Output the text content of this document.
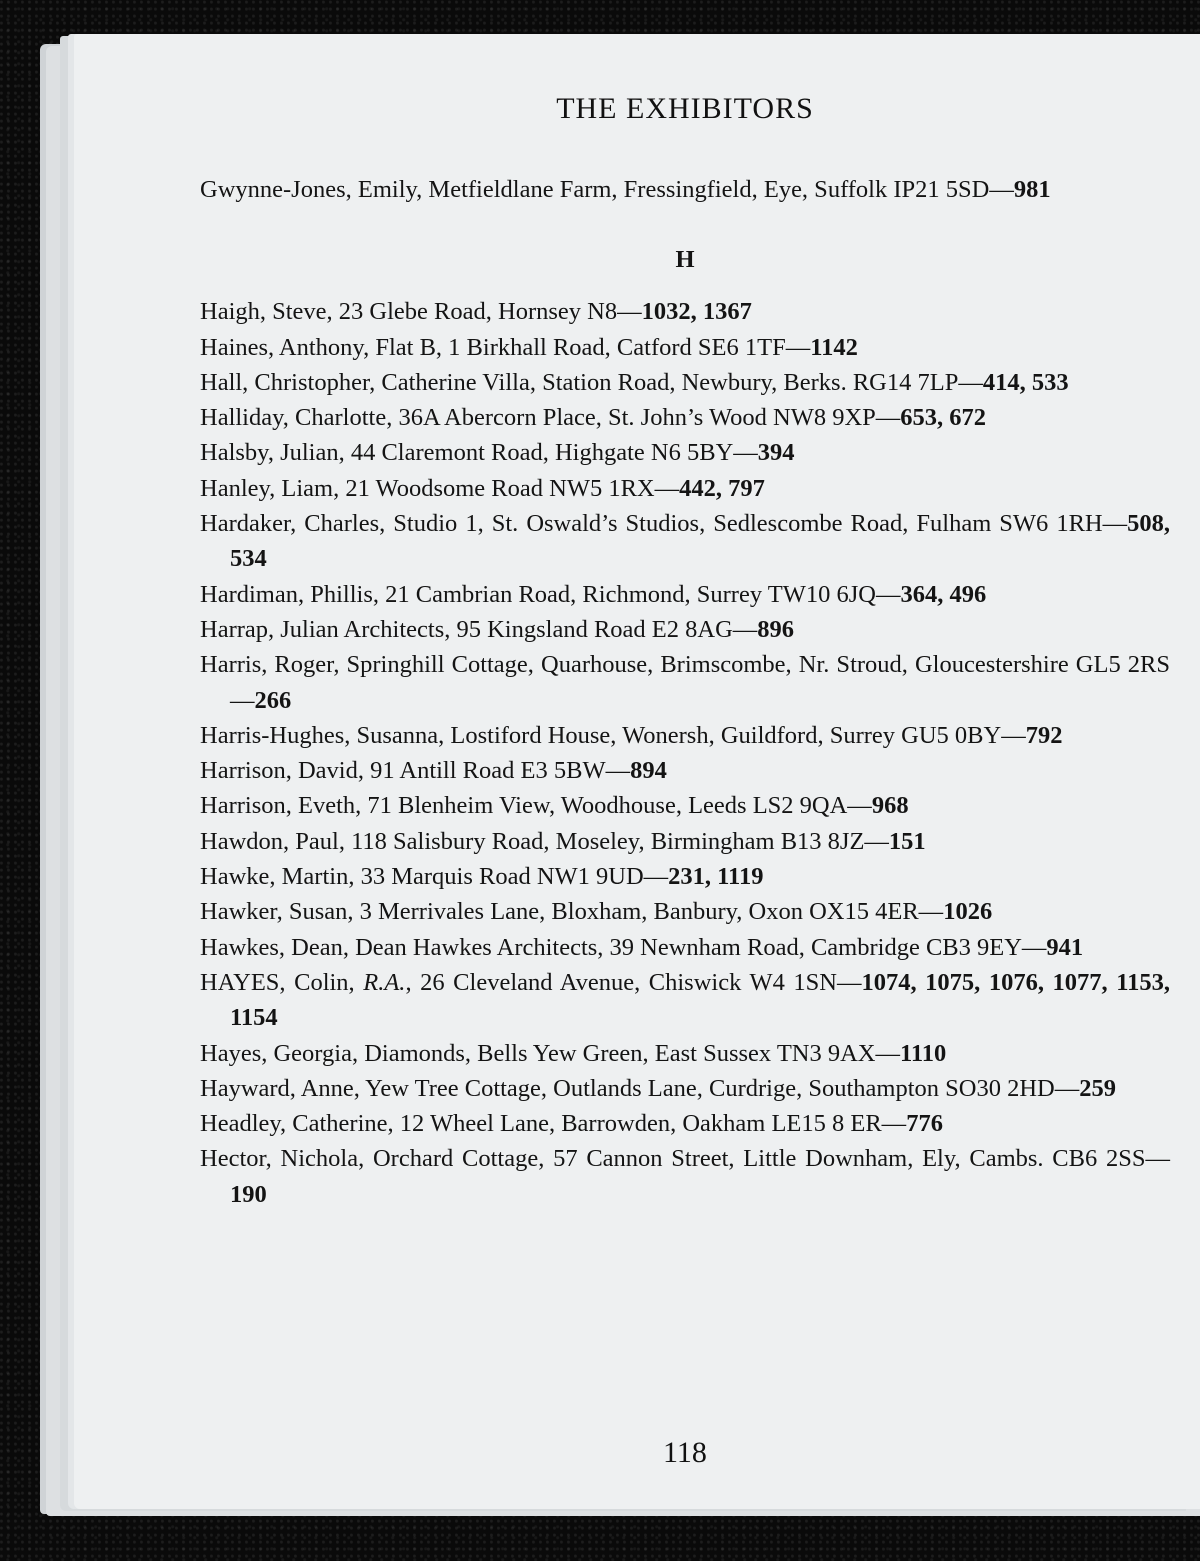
THE EXHIBITORS

Gwynne-Jones, Emily, Metfieldlane Farm, Fressingfield, Eye, Suffolk IP21 5SD—981

H

Haigh, Steve, 23 Glebe Road, Hornsey N8—1032, 1367

Haines, Anthony, Flat B, 1 Birkhall Road, Catford SE6 1TF—1142

Hall, Christopher, Catherine Villa, Station Road, Newbury, Berks. RG14 7LP—414, 533

Halliday, Charlotte, 36A Abercorn Place, St. John’s Wood NW8 9XP—653, 672

Halsby, Julian, 44 Claremont Road, Highgate N6 5BY—394

Hanley, Liam, 21 Woodsome Road NW5 1RX—442, 797

Hardaker, Charles, Studio 1, St. Oswald’s Studios, Sedlescombe Road, Fulham SW6 1RH—508, 534

Hardiman, Phillis, 21 Cambrian Road, Richmond, Surrey TW10 6JQ—364, 496

Harrap, Julian Architects, 95 Kingsland Road E2 8AG—896

Harris, Roger, Springhill Cottage, Quarhouse, Brimscombe, Nr. Stroud, Gloucestershire GL5 2RS—266

Harris-Hughes, Susanna, Lostiford House, Wonersh, Guildford, Surrey GU5 0BY—792

Harrison, David, 91 Antill Road E3 5BW—894

Harrison, Eveth, 71 Blenheim View, Woodhouse, Leeds LS2 9QA—968

Hawdon, Paul, 118 Salisbury Road, Moseley, Birmingham B13 8JZ—151

Hawke, Martin, 33 Marquis Road NW1 9UD—231, 1119

Hawker, Susan, 3 Merrivales Lane, Bloxham, Banbury, Oxon OX15 4ER—1026

Hawkes, Dean, Dean Hawkes Architects, 39 Newnham Road, Cambridge CB3 9EY—941

HAYES, Colin, R.A., 26 Cleveland Avenue, Chiswick W4 1SN—1074, 1075, 1076, 1077, 1153, 1154

Hayes, Georgia, Diamonds, Bells Yew Green, East Sussex TN3 9AX—1110

Hayward, Anne, Yew Tree Cottage, Outlands Lane, Curdrige, Southampton SO30 2HD—259

Headley, Catherine, 12 Wheel Lane, Barrowden, Oakham LE15 8 ER—776

Hector, Nichola, Orchard Cottage, 57 Cannon Street, Little Downham, Ely, Cambs. CB6 2SS—190

118
